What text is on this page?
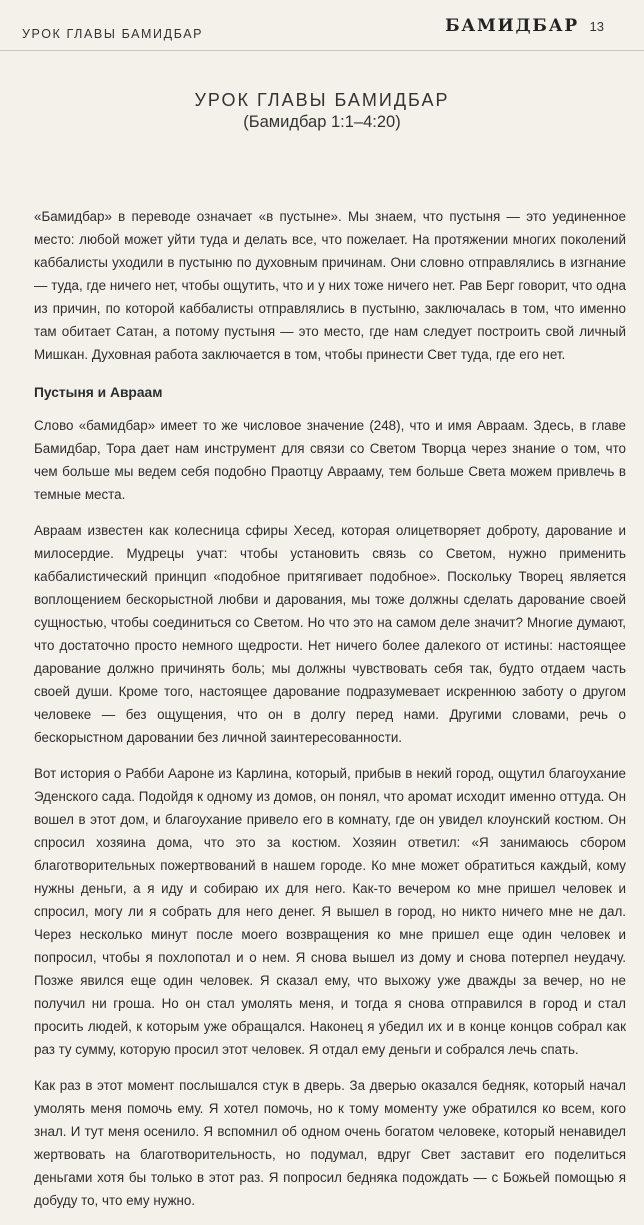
УРОК ГЛАВЫ БАМИДБАР	БАМИДБАР 13
УРОК ГЛАВЫ БАМИДБАР
(Бамидбар 1:1–4:20)

«Бамидбар» в переводе означает «в пустыне». Мы знаем, что пустыня — это уединенное место: любой может уйти туда и делать все, что пожелает. На протяжении многих поколений каббалисты уходили в пустыню по духовным причинам. Они словно отправлялись в изгнание — туда, где ничего нет, чтобы ощутить, что и у них тоже ничего нет. Рав Берг говорит, что одна из причин, по которой каббалисты отправлялись в пустыню, заключалась в том, что именно там обитает Сатан, а потому пустыня — это место, где нам следует построить свой личный Мишкан. Духовная работа заключается в том, чтобы принести Свет туда, где его нет.

Пустыня и Авраам

Слово «бамидбар» имеет то же числовое значение (248), что и имя Авраам. Здесь, в главе Бамидбар, Тора дает нам инструмент для связи со Светом Творца через знание о том, что чем больше мы ведем себя подобно Праотцу Аврааму, тем больше Света можем привлечь в темные места.

Авраам известен как колесница сфиры Хесед, которая олицетворяет доброту, дарование и милосердие. Мудрецы учат: чтобы установить связь со Светом, нужно применить каббалистический принцип «подобное притягивает подобное». Поскольку Творец является воплощением бескорыстной любви и дарования, мы тоже должны сделать дарование своей сущностью, чтобы соединиться со Светом. Но что это на самом деле значит? Многие думают, что достаточно просто немного щедрости. Нет ничего более далекого от истины: настоящее дарование должно причинять боль; мы должны чувствовать себя так, будто отдаем часть своей души. Кроме того, настоящее дарование подразумевает искреннюю заботу о другом человеке — без ощущения, что он в долгу перед нами. Другими словами, речь о бескорыстном даровании без личной заинтересованности.

Вот история о Рабби Аароне из Карлина, который, прибыв в некий город, ощутил благоухание Эденского сада. Подойдя к одному из домов, он понял, что аромат исходит именно оттуда. Он вошел в этот дом, и благоухание привело его в комнату, где он увидел клоунский костюм. Он спросил хозяина дома, что это за костюм. Хозяин ответил: «Я занимаюсь сбором благотворительных пожертвований в нашем городе. Ко мне может обратиться каждый, кому нужны деньги, а я иду и собираю их для него. Как-то вечером ко мне пришел человек и спросил, могу ли я собрать для него денег. Я вышел в город, но никто ничего мне не дал. Через несколько минут после моего возвращения ко мне пришел еще один человек и попросил, чтобы я похлопотал и о нем. Я снова вышел из дому и снова потерпел неудачу. Позже явился еще один человек. Я сказал ему, что выхожу уже дважды за вечер, но не получил ни гроша. Но он стал умолять меня, и тогда я снова отправился в город и стал просить людей, к которым уже обращался. Наконец я убедил их и в конце концов собрал как раз ту сумму, которую просил этот человек. Я отдал ему деньги и собрался лечь спать.

Как раз в этот момент послышался стук в дверь. За дверью оказался бедняк, который начал умолять меня помочь ему. Я хотел помочь, но к тому моменту уже обратился ко всем, кого знал. И тут меня осенило. Я вспомнил об одном очень богатом человеке, который ненавидел жертвовать на благотворительность, но подумал, вдруг Свет заставит его поделиться деньгами хотя бы только в этот раз. Я попросил бедняка подождать — с Божьей помощью я добуду то, что ему нужно.
